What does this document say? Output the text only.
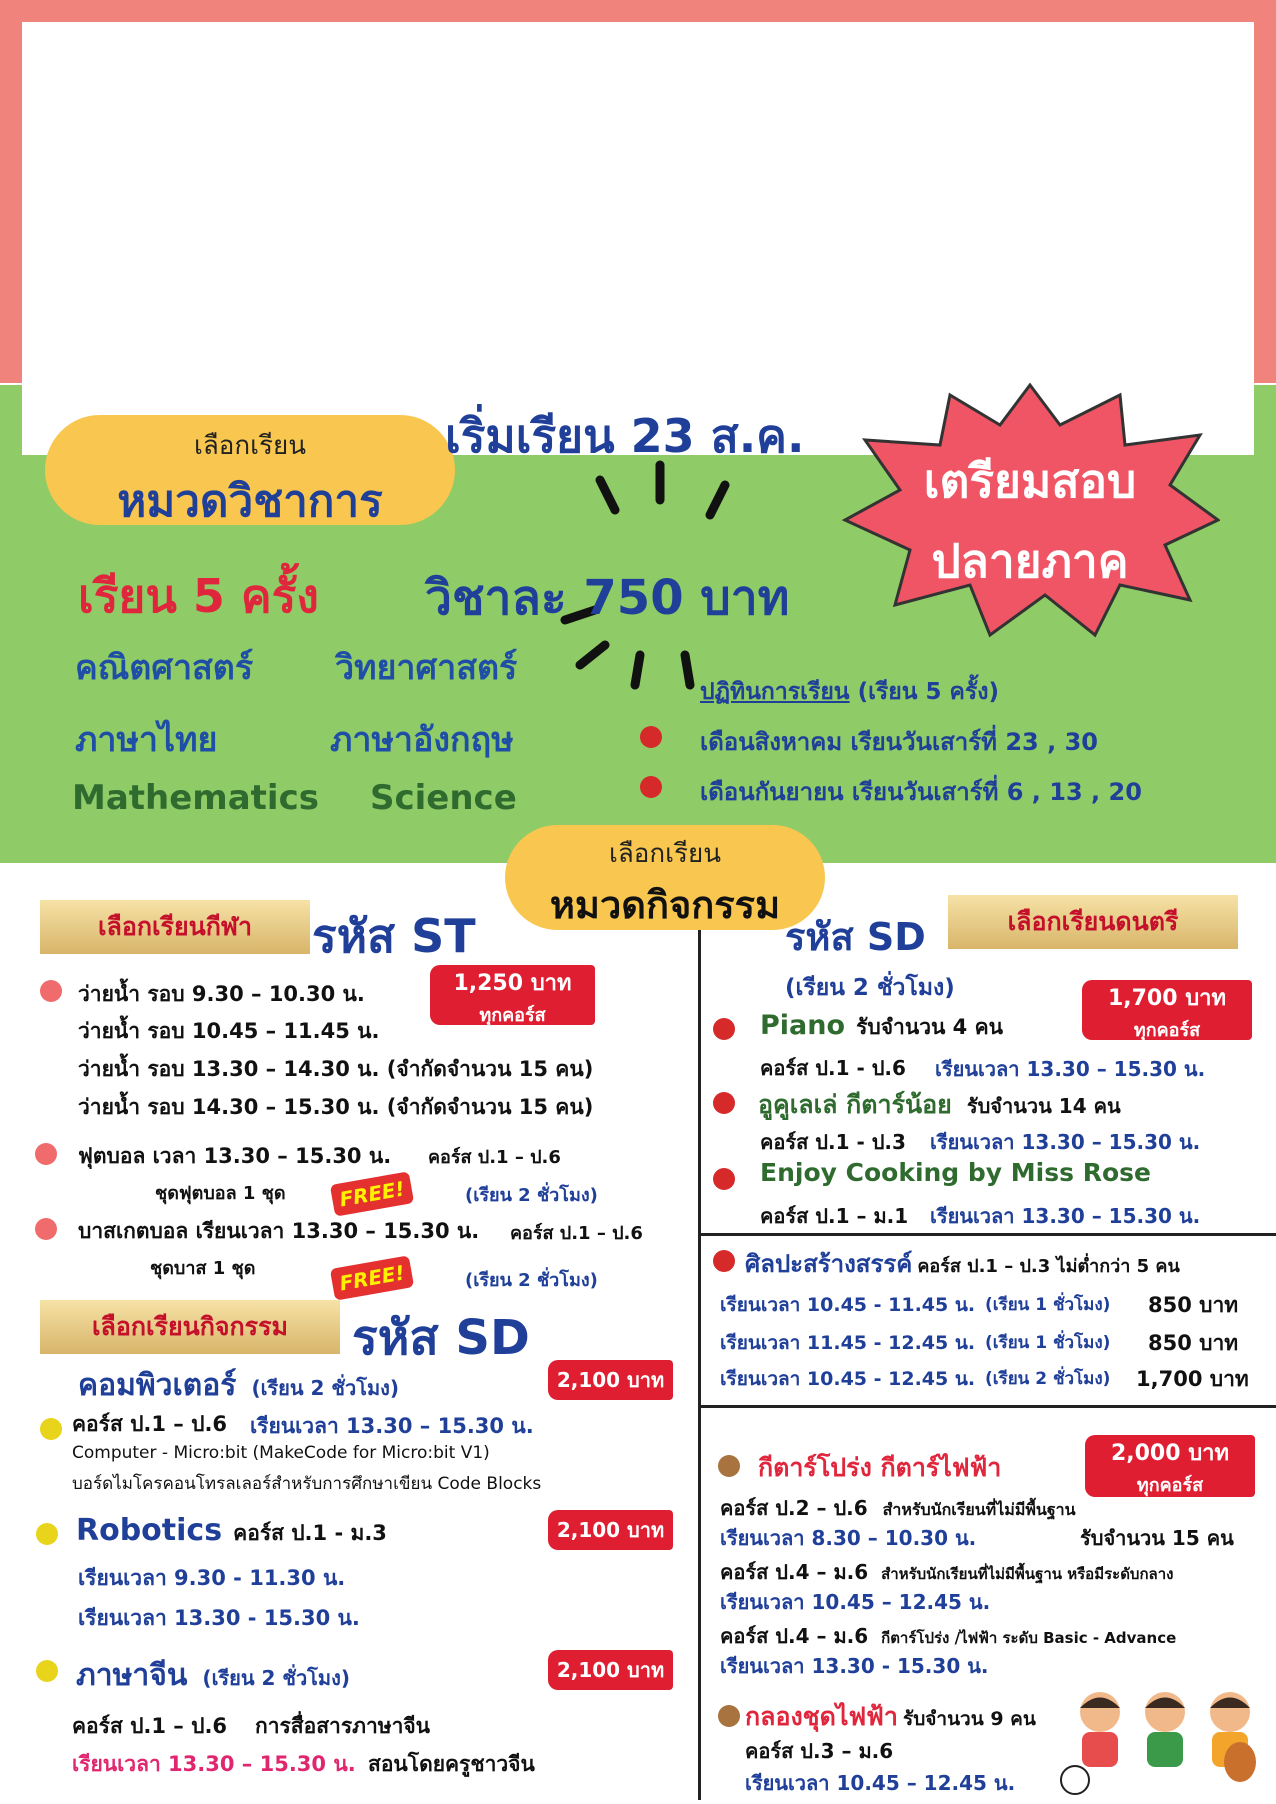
เลือกเรียน
หมวดวิชาการ
เริ่มเรียน 23 ส.ค.
เตรียมสอบ
ปลายภาค
เรียน 5 ครั้ง วิชาละ 750 บาท
คณิตศาสตร์ วิทยาศาสตร์
ภาษาไทย	ภาษาอังกฤษ
Mathematics Science
ปฏิทินการเรียน (เรียน 5 ครั้ง)
เดือนสิงหาคม เรียนวันเสาร์ที่ 23 , 30
เดือนกันยายน เรียนวันเสาร์ที่ 6 , 13 , 20
เลือกเรียน
หมวดกิจกรรม
เลือกเรียนกีฬา	รหัส ST
1,250 บาท
ทุกคอร์ส
ว่ายน้ำ รอบ 9.30 – 10.30 น.
ว่ายน้ำ รอบ 10.45 – 11.45 น.
ว่ายน้ำ รอบ 13.30 – 14.30 น. (จำกัดจำนวน 15 คน)
ว่ายน้ำ รอบ 14.30 – 15.30 น. (จำกัดจำนวน 15 คน)
ฟุตบอล เวลา 13.30 – 15.30 น. คอร์ส ป.1 – ป.6
ชุดฟุตบอล 1 ชุด	FREE!	(เรียน 2 ชั่วโมง)
บาสเกตบอล เรียนเวลา 13.30 – 15.30 น. คอร์ส ป.1 – ป.6
ชุดบาส 1 ชุด	FREE!	(เรียน 2 ชั่วโมง)
เลือกเรียนกิจกรรม	รหัส SD
คอมพิวเตอร์ (เรียน 2 ชั่วโมง)	2,100 บาท
คอร์ส ป.1 – ป.6 เรียนเวลา 13.30 – 15.30 น.
Computer - Micro:bit (MakeCode for Micro:bit V1)
บอร์ดไมโครคอนโทรลเลอร์สำหรับการศึกษาเขียน Code Blocks
Robotics คอร์ส ป.1 - ม.3	2,100 บาท
เรียนเวลา 9.30 - 11.30 น.
เรียนเวลา 13.30 - 15.30 น.
ภาษาจีน (เรียน 2 ชั่วโมง)	2,100 บาท
คอร์ส ป.1 – ป.6 การสื่อสารภาษาจีน
เรียนเวลา 13.30 – 15.30 น. สอนโดยครูชาวจีน
รหัส SD	เลือกเรียนดนตรี
(เรียน 2 ชั่วโมง)	1,700 บาท
ทุกคอร์ส
Piano รับจำนวน 4 คน
คอร์ส ป.1 - ป.6 เรียนเวลา 13.30 – 15.30 น.
อูคูเลเล่ กีตาร์น้อย รับจำนวน 14 คน
คอร์ส ป.1 - ป.3 เรียนเวลา 13.30 – 15.30 น.
Enjoy Cooking by Miss Rose
คอร์ส ป.1 – ม.1 เรียนเวลา 13.30 – 15.30 น.
ศิลปะสร้างสรรค์ คอร์ส ป.1 – ป.3 ไม่ต่ำกว่า 5 คน
เรียนเวลา 10.45 - 11.45 น. (เรียน 1 ชั่วโมง) 850 บาท
เรียนเวลา 11.45 - 12.45 น. (เรียน 1 ชั่วโมง) 850 บาท
เรียนเวลา 10.45 - 12.45 น. (เรียน 2 ชั่วโมง) 1,700 บาท
กีตาร์โปร่ง กีตาร์ไฟฟ้า	2,000 บาท
ทุกคอร์ส
คอร์ส ป.2 – ป.6 สำหรับนักเรียนที่ไม่มีพื้นฐาน
เรียนเวลา 8.30 – 10.30 น.	รับจำนวน 15 คน
คอร์ส ป.4 – ม.6 สำหรับนักเรียนที่ไม่มีพื้นฐาน หรือมีระดับกลาง
เรียนเวลา 10.45 – 12.45 น.
คอร์ส ป.4 – ม.6 กีตาร์โปร่ง /ไฟฟ้า ระดับ Basic - Advance
เรียนเวลา 13.30 - 15.30 น.
กลองชุดไฟฟ้า รับจำนวน 9 คน
คอร์ส ป.3 – ม.6
เรียนเวลา 10.45 – 12.45 น.
